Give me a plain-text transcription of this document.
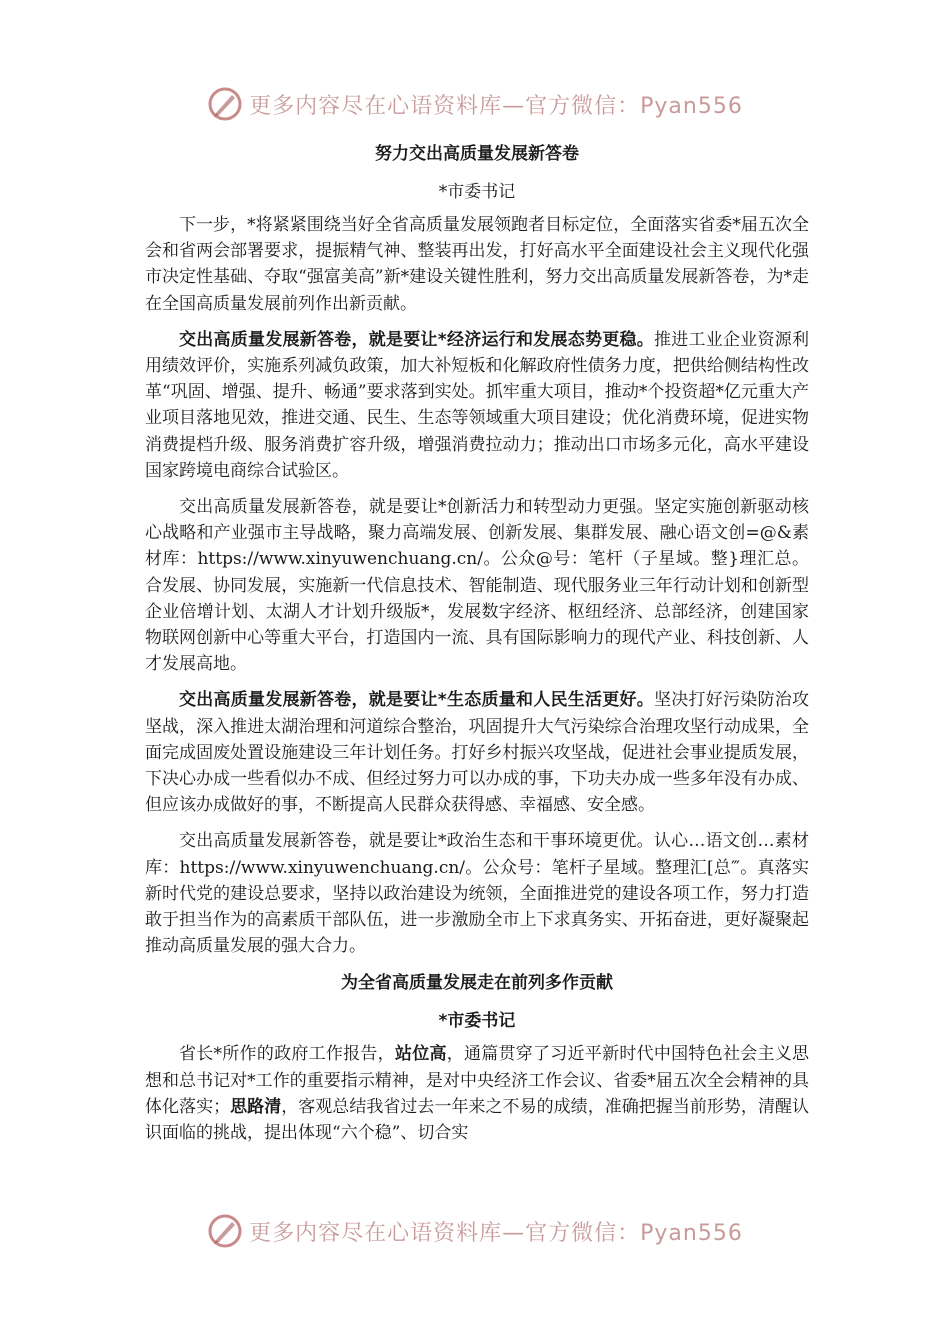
更多内容尽在心语资料库—官方微信：Pyan556
努力交出高质量发展新答卷
*市委书记

下一步，*将紧紧围绕当好全省高质量发展领跑者目标定位，全面落实省委*届五次全会和省两会部署要求，提振精气神、整装再出发，打好高水平全面建设社会主义现代化强市决定性基础、夺取“强富美高”新*建设关键性胜利，努力交出高质量发展新答卷，为*走在全国高质量发展前列作出新贡献。

交出高质量发展新答卷，就是要让*经济运行和发展态势更稳。推进工业企业资源利用绩效评价，实施系列减负政策，加大补短板和化解政府性债务力度，把供给侧结构性改革“巩固、增强、提升、畅通”要求落到实处。抓牢重大项目，推动*个投资超*亿元重大产业项目落地见效，推进交通、民生、生态等领域重大项目建设；优化消费环境，促进实物消费提档升级、服务消费扩容升级，增强消费拉动力；推动出口市场多元化，高水平建设国家跨境电商综合试验区。

交出高质量发展新答卷，就是要让*创新活力和转型动力更强。坚定实施创新驱动核心战略和产业强市主导战略，聚力高端发展、创新发展、集群发展、融心语文创=@&素材库：https://www.xinyuwenchuang.cn/。公众@号：笔杆（子星域。整}理汇总。合发展、协同发展，实施新一代信息技术、智能制造、现代服务业三年行动计划和创新型企业倍增计划、太湖人才计划升级版*，发展数字经济、枢纽经济、总部经济，创建国家物联网创新中心等重大平台，打造国内一流、具有国际影响力的现代产业、科技创新、人才发展高地。

交出高质量发展新答卷，就是要让*生态质量和人民生活更好。坚决打好污染防治攻坚战，深入推进太湖治理和河道综合整治，巩固提升大气污染综合治理攻坚行动成果，全面完成固废处置设施建设三年计划任务。打好乡村振兴攻坚战，促进社会事业提质发展，下决心办成一些看似办不成、但经过努力可以办成的事，下功夫办成一些多年没有办成、但应该办成做好的事，不断提高人民群众获得感、幸福感、安全感。

交出高质量发展新答卷，就是要让*政治生态和干事环境更优。认心…语文创…素材库：https://www.xinyuwenchuang.cn/。公众号：笔杆子星域。整理汇[总‴。真落实新时代党的建设总要求，坚持以政治建设为统领，全面推进党的建设各项工作，努力打造敢于担当作为的高素质干部队伍，进一步激励全市上下求真务实、开拓奋进，更好凝聚起推动高质量发展的强大合力。

为全省高质量发展走在前列多作贡献
*市委书记

省长*所作的政府工作报告，站位高，通篇贯穿了习近平新时代中国特色社会主义思想和总书记对*工作的重要指示精神，是对中央经济工作会议、省委*届五次全会精神的具体化落实；思路清，客观总结我省过去一年来之不易的成绩，准确把握当前形势，清醒认识面临的挑战，提出体现“六个稳”、切合实

更多内容尽在心语资料库—官方微信：Pyan556
